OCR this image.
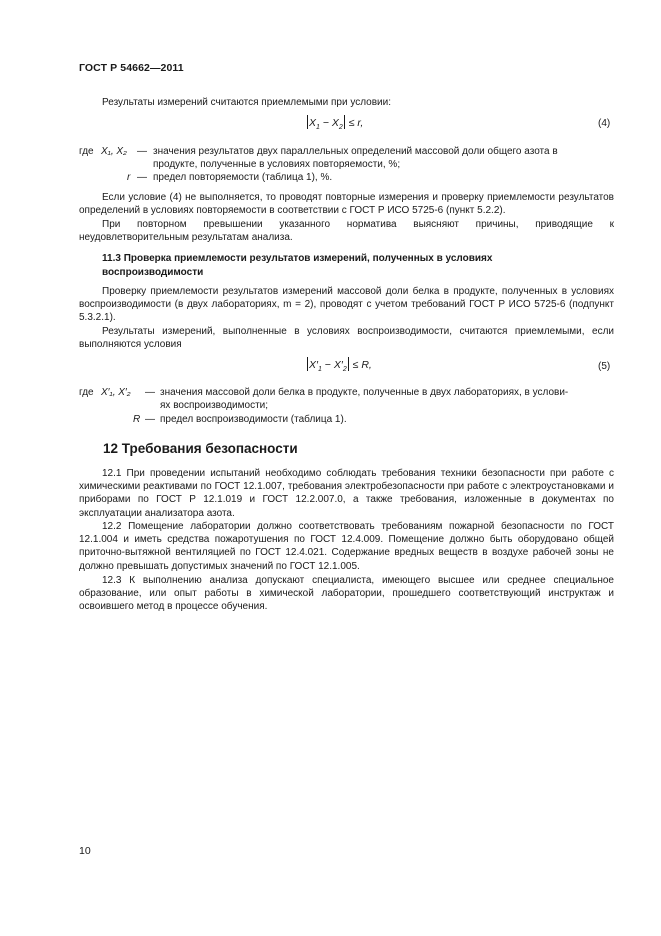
ГОСТ Р 54662—2011
Результаты измерений считаются приемлемыми при условии:
$X_1 - X_2 \le r$,	(4)
где X₁, X₂ — значения результатов двух параллельных определений массовой доли общего азота в
продукте, полученные в условиях повторяемости, %;
r — предел повторяемости (таблица 1), %.
Если условие (4) не выполняется, то проводят повторные измерения и проверку приемлемости результатов определений в условиях повторяемости в соответствии с ГОСТ Р ИСО 5725-6 (пункт 5.2.2).
При повторном превышении указанного норматива выясняют причины, приводящие к неудовлетворительным результатам анализа.
11.3 Проверка приемлемости результатов измерений, полученных в условиях
воспроизводимости
Проверку приемлемости результатов измерений массовой доли белка в продукте, полученных в условиях воспроизводимости (в двух лабораториях, m = 2), проводят с учетом требований ГОСТ Р ИСО 5725-6 (подпункт 5.3.2.1).
Результаты измерений, выполненные в условиях воспроизводимости, считаются приемлемыми, если выполняются условия
$X'_1 - X'_2 \le R$,	(5)
где X′₁, X′₂ — значения массовой доли белка в продукте, полученные в двух лабораториях, в услови-
ях воспроизводимости;
R — предел воспроизводимости (таблица 1).
12 Требования безопасности
12.1 При проведении испытаний необходимо соблюдать требования техники безопасности при работе с химическими реактивами по ГОСТ 12.1.007, требования электробезопасности при работе с электроустановками и приборами по ГОСТ Р 12.1.019 и ГОСТ 12.2.007.0, а также требования, изложенные в документах по эксплуатации анализатора азота.
12.2 Помещение лаборатории должно соответствовать требованиям пожарной безопасности по ГОСТ 12.1.004 и иметь средства пожаротушения по ГОСТ 12.4.009. Помещение должно быть оборудовано общей приточно-вытяжной вентиляцией по ГОСТ 12.4.021. Содержание вредных веществ в воздухе рабочей зоны не должно превышать допустимых значений по ГОСТ 12.1.005.
12.3 К выполнению анализа допускают специалиста, имеющего высшее или среднее специальное образование, или опыт работы в химической лаборатории, прошедшего соответствующий инструктаж и освоившего метод в процессе обучения.
10
